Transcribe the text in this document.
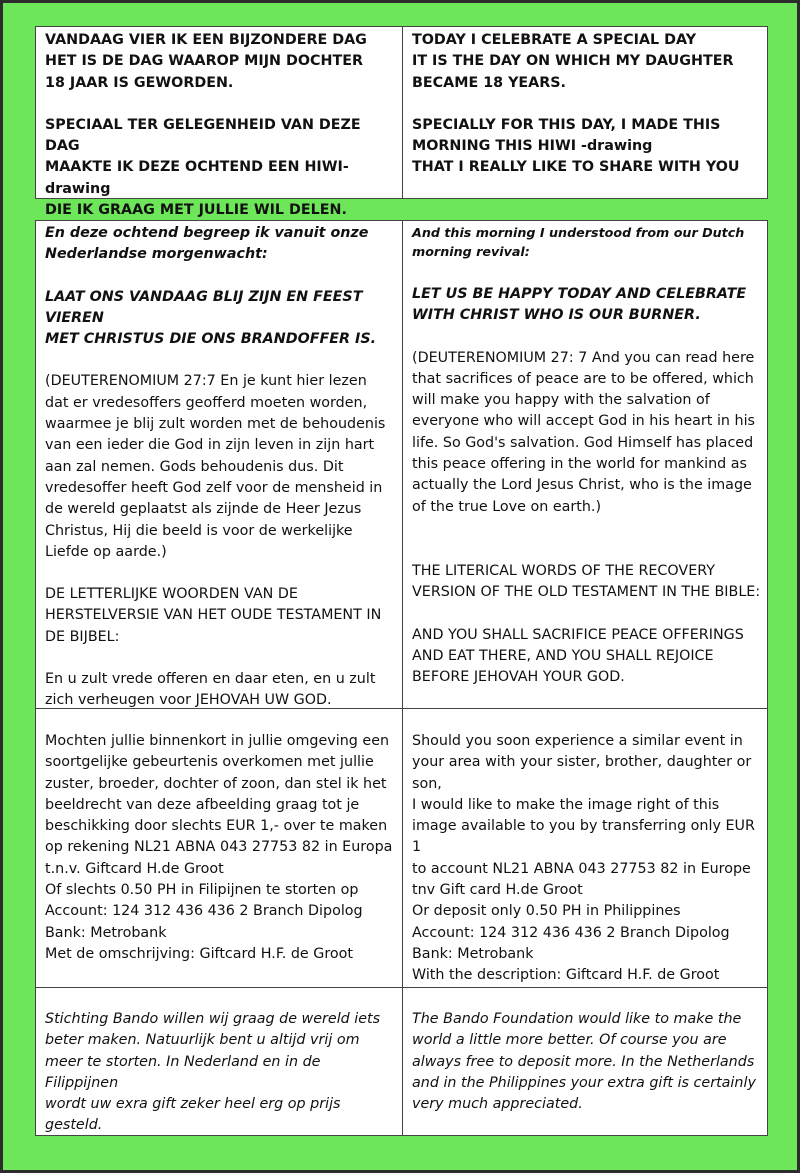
VANDAAG VIER IK EEN BIJZONDERE DAG
HET IS DE DAG WAAROP MIJN DOCHTER
18 JAAR IS GEWORDEN.

SPECIAAL TER GELEGENHEID VAN DEZE DAG
MAAKTE IK DEZE OCHTEND EEN HIWI-drawing
DIE IK GRAAG MET JULLIE WIL DELEN.

TODAY I CELEBRATE A SPECIAL DAY
IT IS THE DAY ON WHICH MY DAUGHTER
BECAME 18 YEARS.

SPECIALLY FOR THIS DAY, I MADE THIS
MORNING THIS HIWI -drawing
THAT I REALLY LIKE TO SHARE WITH YOU

En deze ochtend begreep ik vanuit onze
Nederlandse morgenwacht:

LAAT ONS VANDAAG BLIJ ZIJN EN FEEST VIEREN
MET CHRISTUS DIE ONS BRANDOFFER IS.

(DEUTERENOMIUM 27:7 En je kunt hier lezen
dat er vredesoffers geofferd moeten worden,
waarmee je blij zult worden met de behoudenis
van een ieder die God in zijn leven in zijn hart
aan zal nemen. Gods behoudenis dus. Dit
vredesoffer heeft God zelf voor de mensheid in
de wereld geplaatst als zijnde de Heer Jezus
Christus, Hij die beeld is voor de werkelijke
Liefde op aarde.)

DE LETTERLIJKE WOORDEN VAN DE
HERSTELVERSIE VAN HET OUDE TESTAMENT IN
DE BIJBEL:

En u zult vrede offeren en daar eten, en u zult
zich verheugen voor JEHOVAH UW GOD.

And this morning I understood from our Dutch
morning revival:

LET US BE HAPPY TODAY AND CELEBRATE
WITH CHRIST WHO IS OUR BURNER.

(DEUTERENOMIUM 27: 7 And you can read here
that sacrifices of peace are to be offered, which
will make you happy with the salvation of
everyone who will accept God in his heart in his
life. So God's salvation. God Himself has placed
this peace offering in the world for mankind as
actually the Lord Jesus Christ, who is the image
of the true Love on earth.)

THE LITERICAL WORDS OF THE RECOVERY
VERSION OF THE OLD TESTAMENT IN THE BIBLE:

AND YOU SHALL SACRIFICE PEACE OFFERINGS
AND EAT THERE, AND YOU SHALL REJOICE
BEFORE JEHOVAH YOUR GOD.

Mochten jullie binnenkort in jullie omgeving een
soortgelijke gebeurtenis overkomen met jullie
zuster, broeder, dochter of zoon, dan stel ik het
beeldrecht van deze afbeelding graag tot je
beschikking door slechts EUR 1,- over te maken
op rekening NL21 ABNA 043 27753 82 in Europa
t.n.v. Giftcard H.de Groot
Of slechts 0.50 PH in Filipijnen te storten op
Account: 124 312 436 436 2 Branch Dipolog
Bank: Metrobank
Met de omschrijving: Giftcard H.F. de Groot

Should you soon experience a similar event in
your area with your sister, brother, daughter or
son,
I would like to make the image right of this
image available to you by transferring only EUR 1
to account NL21 ABNA 043 27753 82 in Europe
tnv Gift card H.de Groot
Or deposit only 0.50 PH in Philippines
Account: 124 312 436 436 2 Branch Dipolog
Bank: Metrobank
With the description: Giftcard H.F. de Groot

Stichting Bando willen wij graag de wereld iets
beter maken. Natuurlijk bent u altijd vrij om
meer te storten. In Nederland en in de Filippijnen
wordt uw exra gift zeker heel erg op prijs gesteld.

The Bando Foundation would like to make the
world a little more better. Of course you are
always free to deposit more. In the Netherlands
and in the Philippines your extra gift is certainly
very much appreciated.
